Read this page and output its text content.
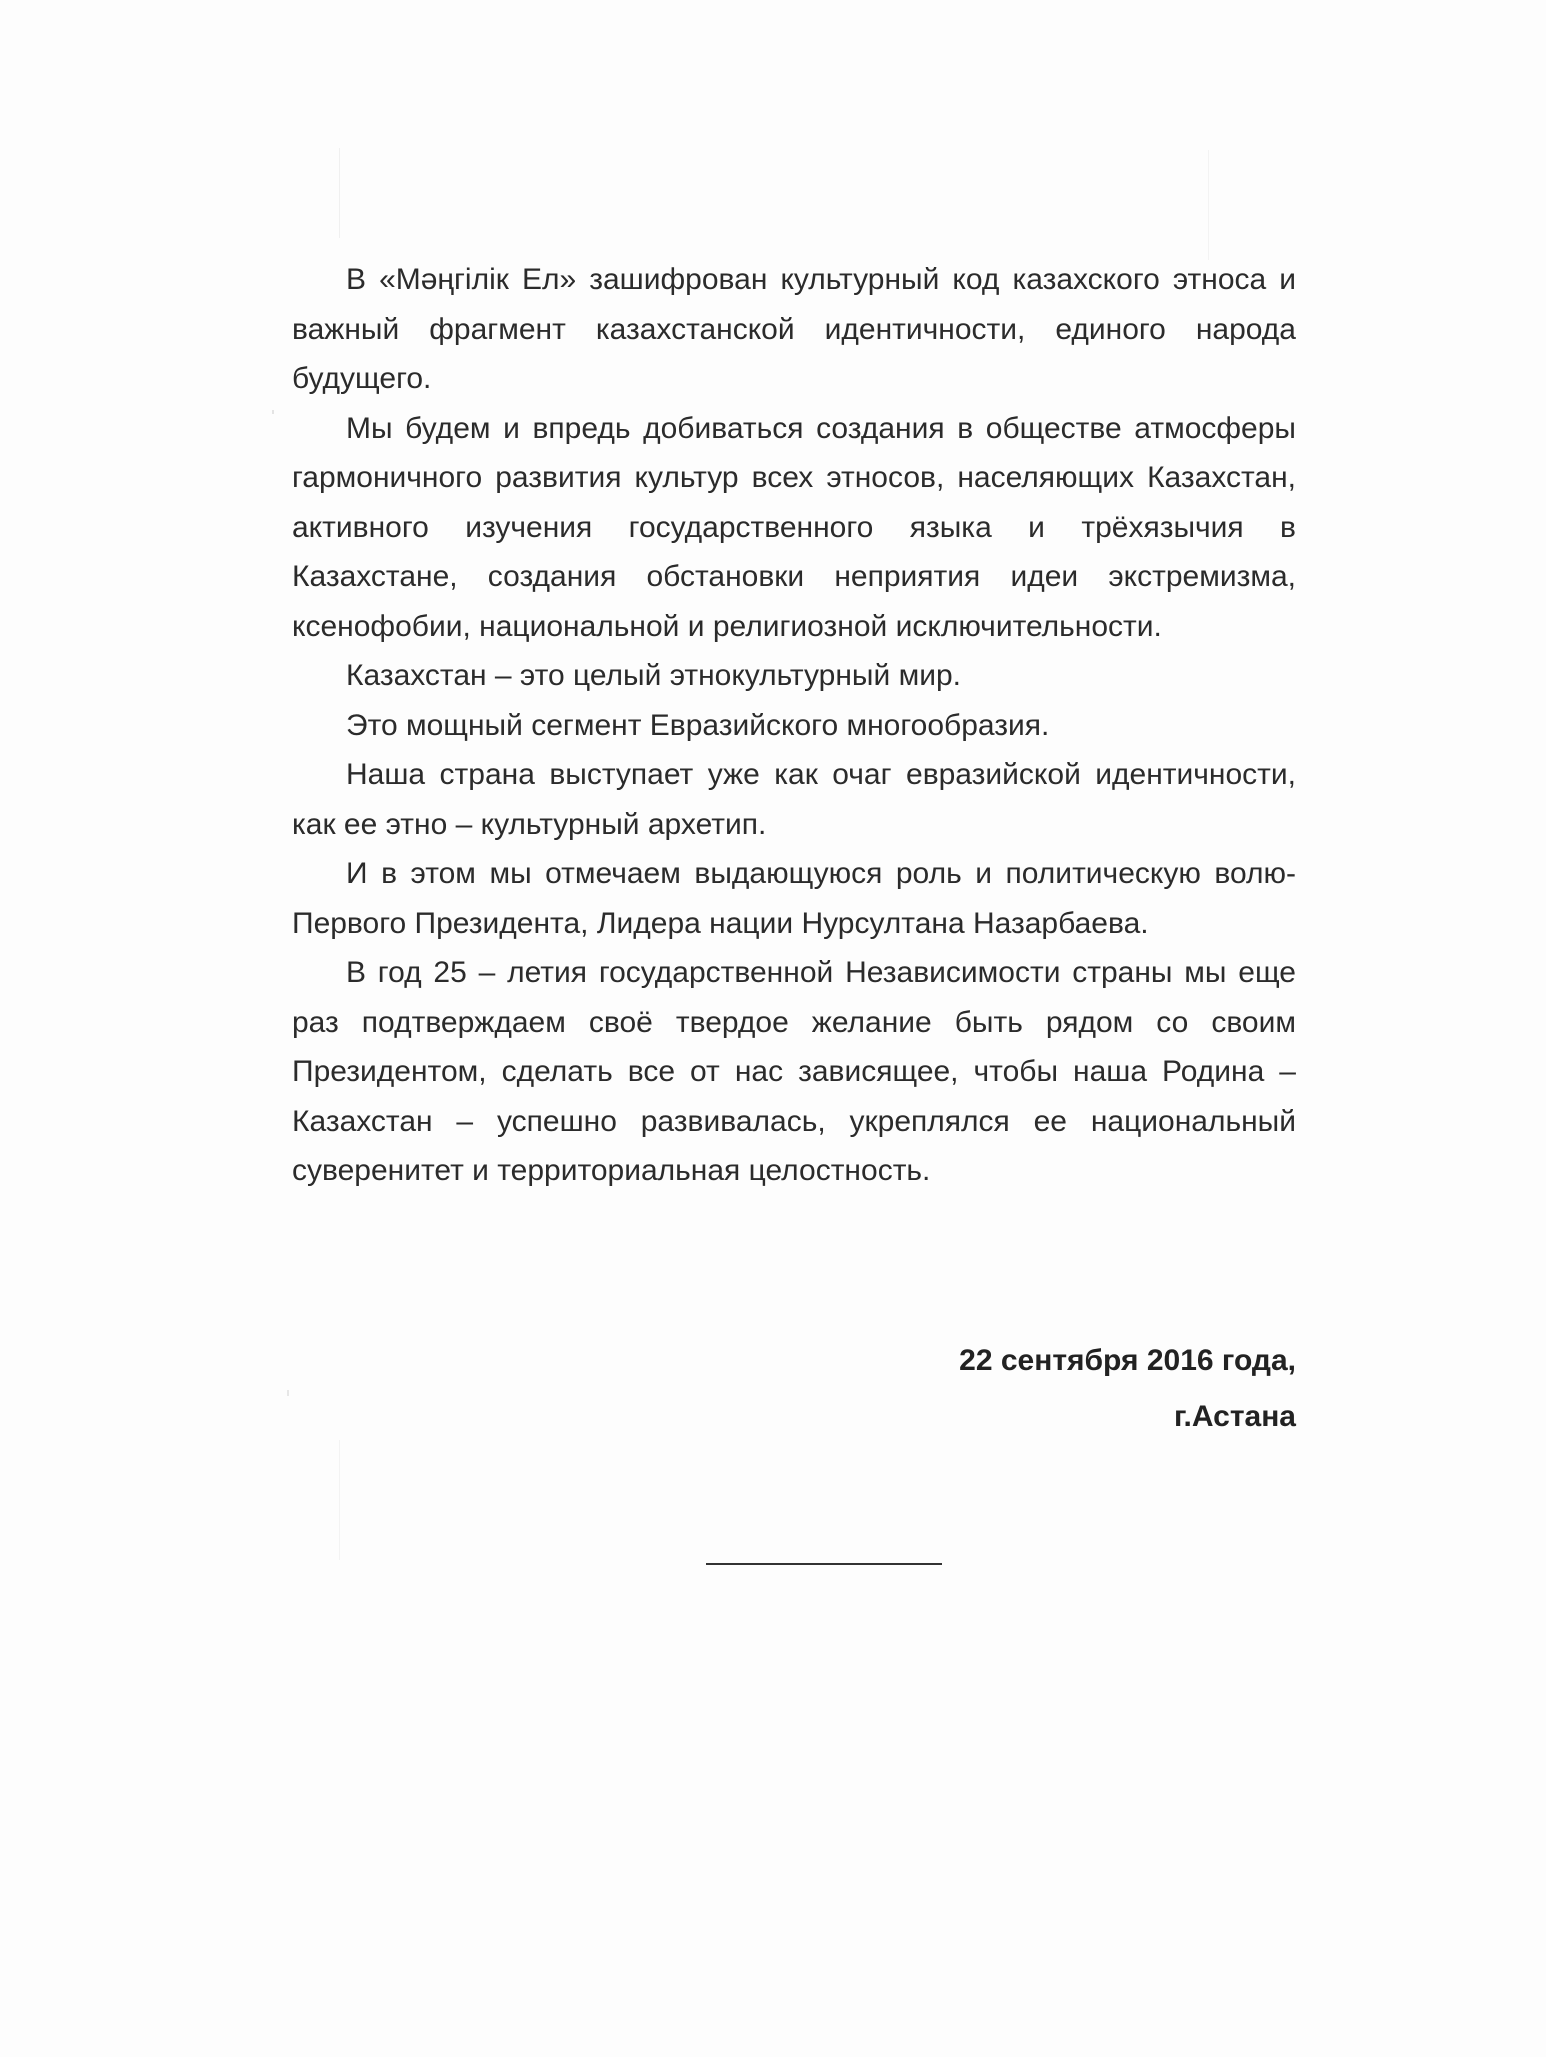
В «Мәңгілік Ел» зашифрован культурный код казахского этноса и важный фрагмент казахстанской идентичности, единого народа будущего.

Мы будем и впредь добиваться создания в обществе атмосферы гармоничного развития культур всех этносов, населяющих Казахстан, активного изучения государственного языка и трёхязычия в Казахстане, создания обстановки неприятия идеи экстремизма, ксенофобии, национальной и религиозной исключительности.

Казахстан – это целый этнокультурный мир.

Это мощный сегмент Евразийского многообразия.

Наша страна выступает уже как очаг евразийской идентичности, как ее этно – культурный архетип.

И в этом мы отмечаем выдающуюся роль и политическую волю- Первого Президента, Лидера нации Нурсултана Назарбаева.

В год 25 – летия государственной Независимости страны мы еще раз подтверждаем своё твердое желание быть рядом со своим Президентом, сделать все от нас зависящее, чтобы наша Родина – Казахстан – успешно развивалась, укреплялся ее национальный суверенитет и территориальная целостность.

22 сентября 2016 года,
г.Астана
